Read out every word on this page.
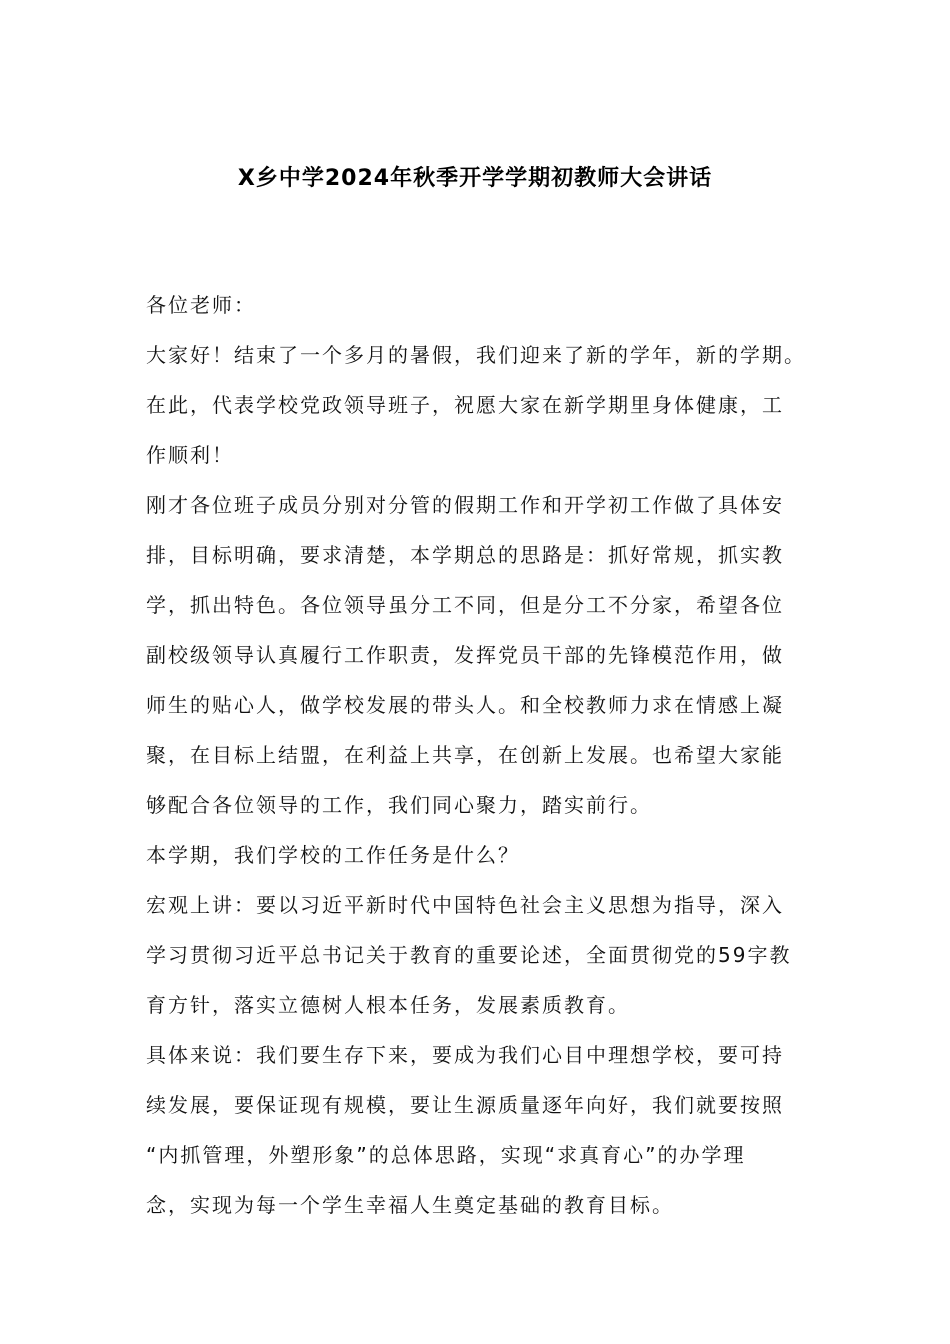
X乡中学2024年秋季开学学期初教师大会讲话
各位老师：
大家好！结束了一个多月的暑假，我们迎来了新的学年，新的学期。
在此，代表学校党政领导班子，祝愿大家在新学期里身体健康，工
作顺利！
刚才各位班子成员分别对分管的假期工作和开学初工作做了具体安
排，目标明确，要求清楚，本学期总的思路是：抓好常规，抓实教
学，抓出特色。各位领导虽分工不同，但是分工不分家，希望各位
副校级领导认真履行工作职责，发挥党员干部的先锋模范作用，做
师生的贴心人，做学校发展的带头人。和全校教师力求在情感上凝
聚，在目标上结盟，在利益上共享，在创新上发展。也希望大家能
够配合各位领导的工作，我们同心聚力，踏实前行。
本学期，我们学校的工作任务是什么？
宏观上讲：要以习近平新时代中国特色社会主义思想为指导，深入
学习贯彻习近平总书记关于教育的重要论述，全面贯彻党的59字教
育方针，落实立德树人根本任务，发展素质教育。
具体来说：我们要生存下来，要成为我们心目中理想学校，要可持
续发展，要保证现有规模，要让生源质量逐年向好，我们就要按照
“内抓管理，外塑形象”的总体思路，实现“求真育心”的办学理
念，实现为每一个学生幸福人生奠定基础的教育目标。
